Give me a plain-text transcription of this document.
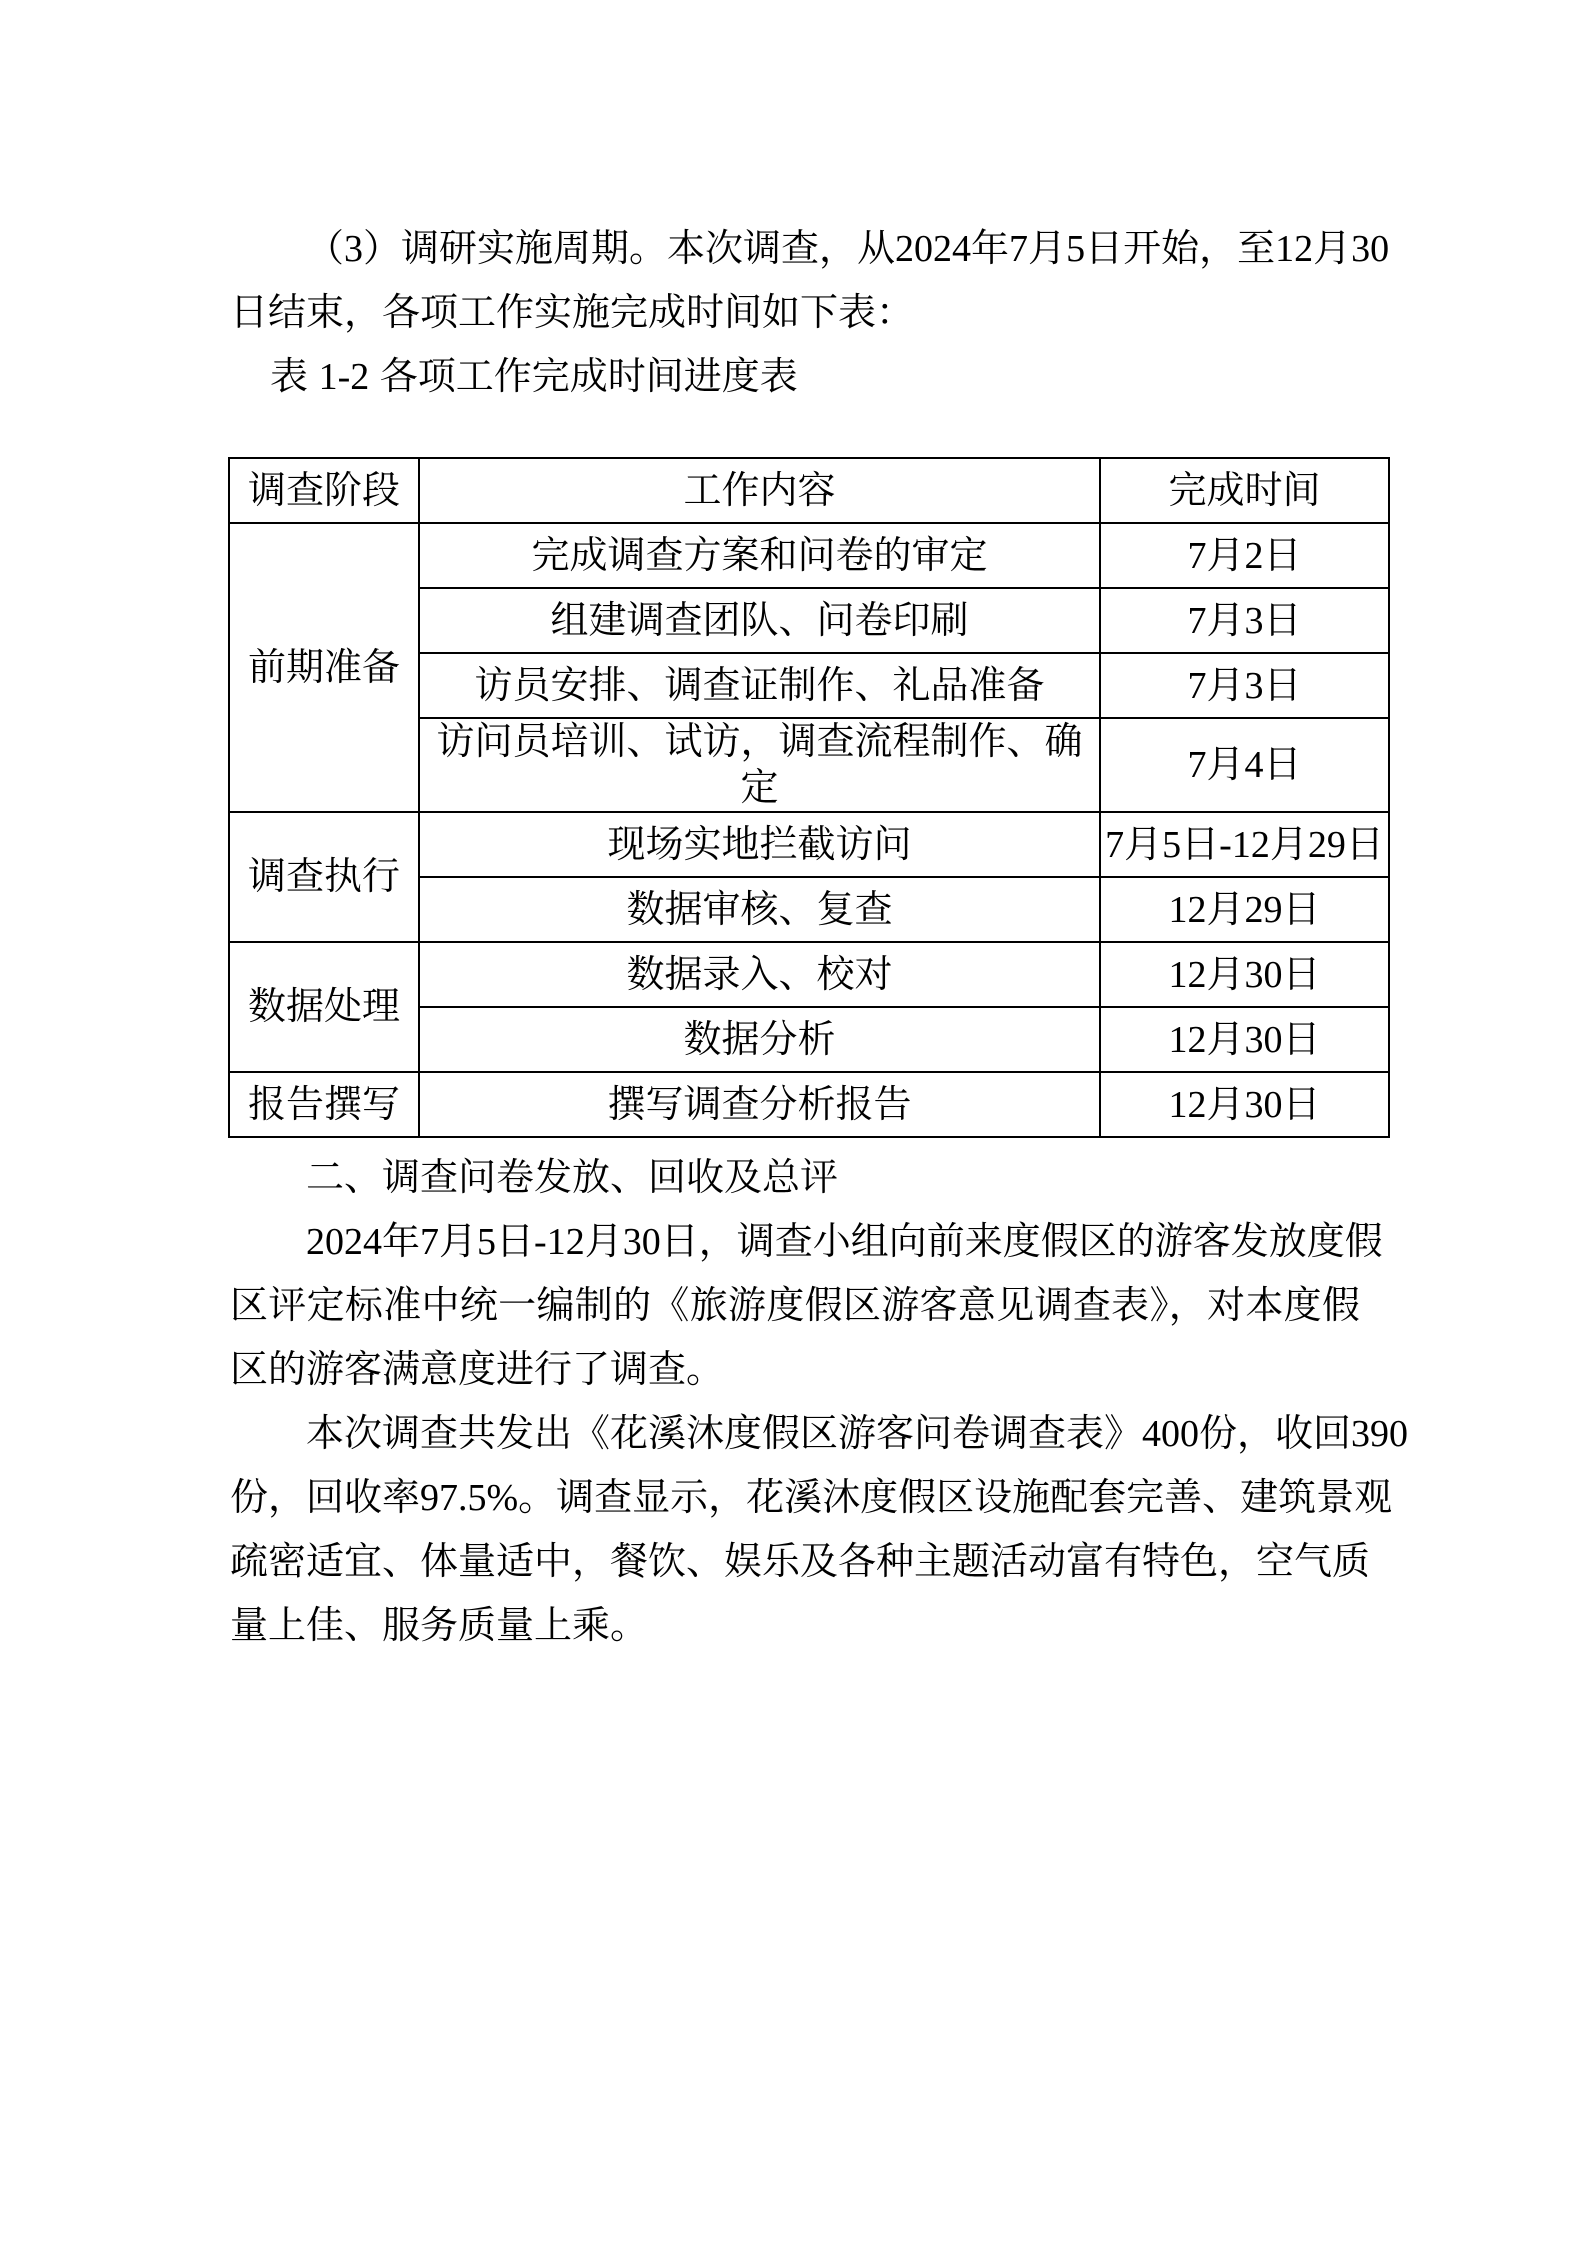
（3）调研实施周期。本次调查，从2024年7月5日开始，至12月30
日结束，各项工作实施完成时间如下表：
表 1-2 各项工作完成时间进度表
调查阶段	工作内容	完成时间
前期准备	完成调查方案和问卷的审定	7月2日
	组建调查团队、问卷印刷	7月3日
	访员安排、调查证制作、礼品准备	7月3日
	访问员培训、试访，调查流程制作、确定	7月4日
调查执行	现场实地拦截访问	7月5日-12月29日
	数据审核、复查	12月29日
数据处理	数据录入、校对	12月30日
	数据分析	12月30日
报告撰写	撰写调查分析报告	12月30日
二、调查问卷发放、回收及总评
2024年7月5日-12月30日，调查小组向前来度假区的游客发放度假
区评定标准中统一编制的《旅游度假区游客意见调查表》，对本度假
区的游客满意度进行了调查。
本次调查共发出《花溪沐度假区游客问卷调查表》400份，收回390
份，回收率97.5%。调查显示，花溪沐度假区设施配套完善、建筑景观
疏密适宜、体量适中，餐饮、娱乐及各种主题活动富有特色，空气质
量上佳、服务质量上乘。
